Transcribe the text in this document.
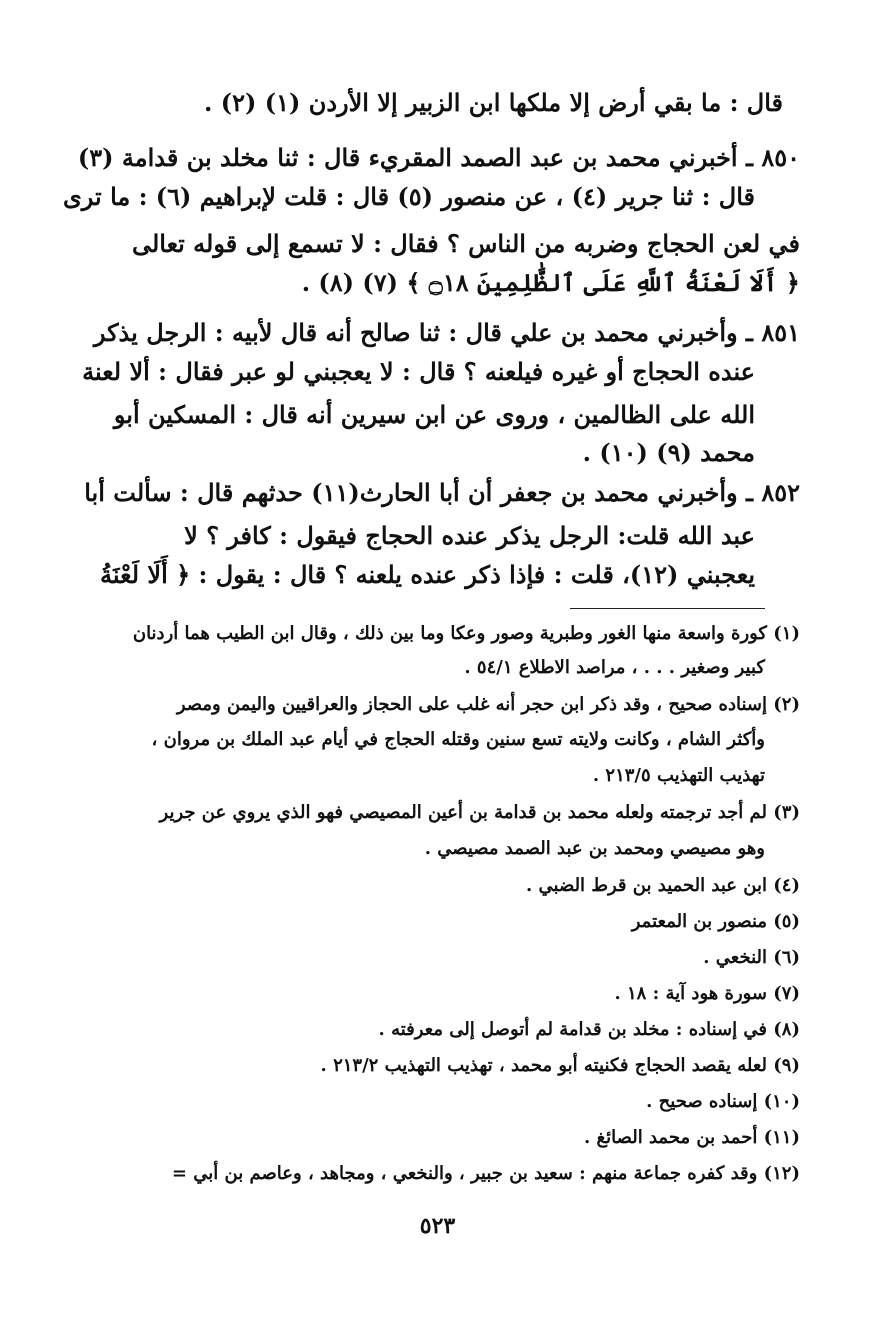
قال : ما بقي أرض إلا ملكها ابن الزبير إلا الأردن (١) (٢) .
٨٥٠ ـ أخبرني محمد بن عبد الصمد المقريء قال : ثنا مخلد بن قدامة (٣)
قال : ثنا جرير (٤) ، عن منصور (٥) قال : قلت لإبراهيم (٦) : ما ترى
في لعن الحجاج وضربه من الناس ؟ فقال : لا تسمع إلى قوله تعالى
﴿ أَلَا لَعْنَةُ ٱللَّهِ عَلَى ٱلظَّٰلِمِينَ ۝١٨ ﴾ (٧) (٨) .
٨٥١ ـ وأخبرني محمد بن علي قال : ثنا صالح أنه قال لأبيه : الرجل يذكر
عنده الحجاج أو غيره فيلعنه ؟ قال : لا يعجبني لو عبر فقال : ألا لعنة
الله على الظالمين ، وروى عن ابن سيرين أنه قال : المسكين أبو
محمد (٩) (١٠) .
٨٥٢ ـ وأخبرني محمد بن جعفر أن أبا الحارث(١١) حدثهم قال : سألت أبا
عبد الله قلت: الرجل يذكر عنده الحجاج فيقول : كافر ؟ لا
يعجبني (١٢)، قلت : فإذا ذكر عنده يلعنه ؟ قال : يقول : ﴿ أَلَا لَعْنَةُ
(١) كورة واسعة منها الغور وطبرية وصور وعكا وما بين ذلك ، وقال ابن الطيب هما أردنان
كبير وصغير . . . ، مراصد الاطلاع ٥٤/١ .
(٢) إسناده صحيح ، وقد ذكر ابن حجر أنه غلب على الحجاز والعراقيين واليمن ومصر
وأكثر الشام ، وكانت ولايته تسع سنين وقتله الحجاج في أيام عبد الملك بن مروان ،
تهذيب التهذيب ٢١٣/٥ .
(٣) لم أجد ترجمته ولعله محمد بن قدامة بن أعين المصيصي فهو الذي يروي عن جرير
وهو مصيصي ومحمد بن عبد الصمد مصيصي .
(٤) ابن عبد الحميد بن قرط الضبي .
(٥) منصور بن المعتمر
(٦) النخعي .
(٧) سورة هود آية : ١٨ .
(٨) في إسناده : مخلد بن قدامة لم أتوصل إلى معرفته .
(٩) لعله يقصد الحجاج فكنيته أبو محمد ، تهذيب التهذيب ٢١٣/٢ .
(١٠) إسناده صحيح .
(١١) أحمد بن محمد الصائغ .
(١٢) وقد كفره جماعة منهم : سعيد بن جبير ، والنخعي ، ومجاهد ، وعاصم بن أبي =
٥٢٣
